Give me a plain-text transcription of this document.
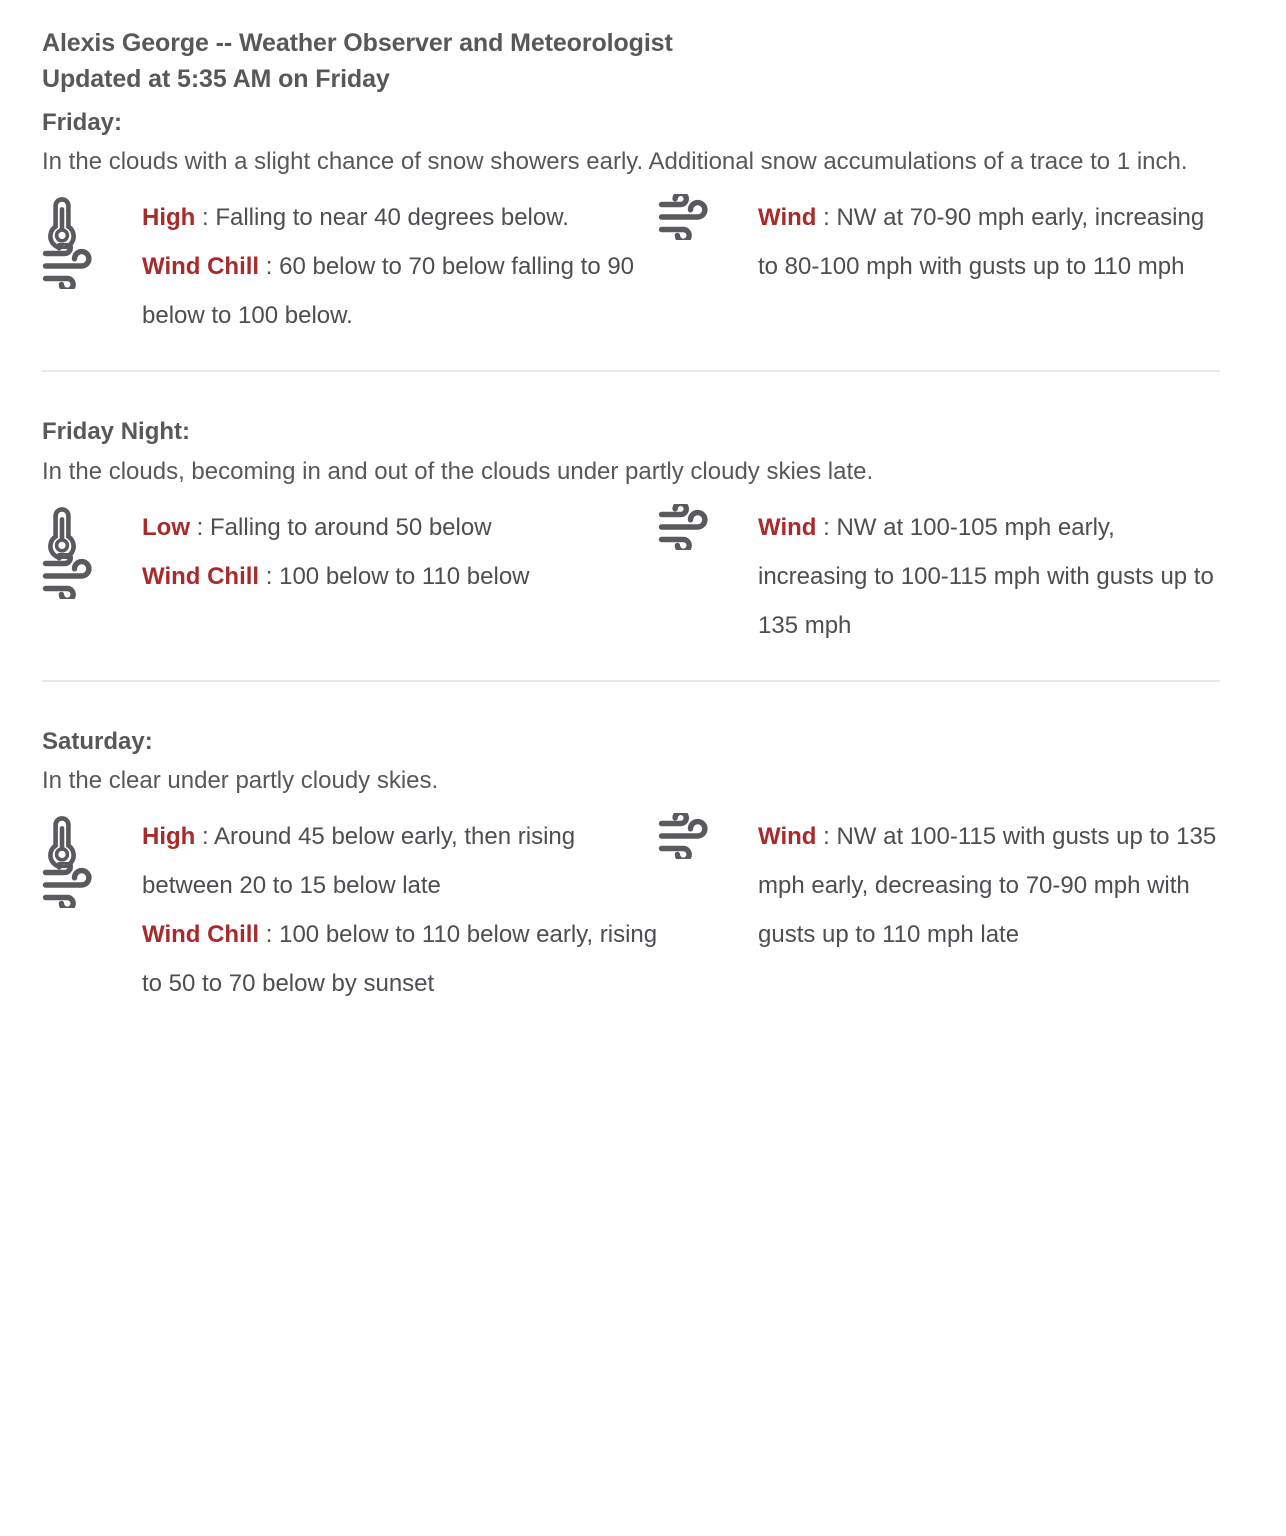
Alexis George -- Weather Observer and Meteorologist
Updated at 5:35 AM on Friday
Friday:
In the clouds with a slight chance of snow showers early. Additional snow accumulations of a trace to 1 inch.
High : Falling to near 40 degrees below.
Wind Chill : 60 below to 70 below falling to 90 below to 100 below.
Wind : NW at 70-90 mph early, increasing to 80-100 mph with gusts up to 110 mph
Friday Night:
In the clouds, becoming in and out of the clouds under partly cloudy skies late.
Low : Falling to around 50 below
Wind Chill : 100 below to 110 below
Wind : NW at 100-105 mph early, increasing to 100-115 mph with gusts up to 135 mph
Saturday:
In the clear under partly cloudy skies.
High : Around 45 below early, then rising between 20 to 15 below late
Wind Chill : 100 below to 110 below early, rising to 50 to 70 below by sunset
Wind : NW at 100-115 with gusts up to 135 mph early, decreasing to 70-90 mph with gusts up to 110 mph late
